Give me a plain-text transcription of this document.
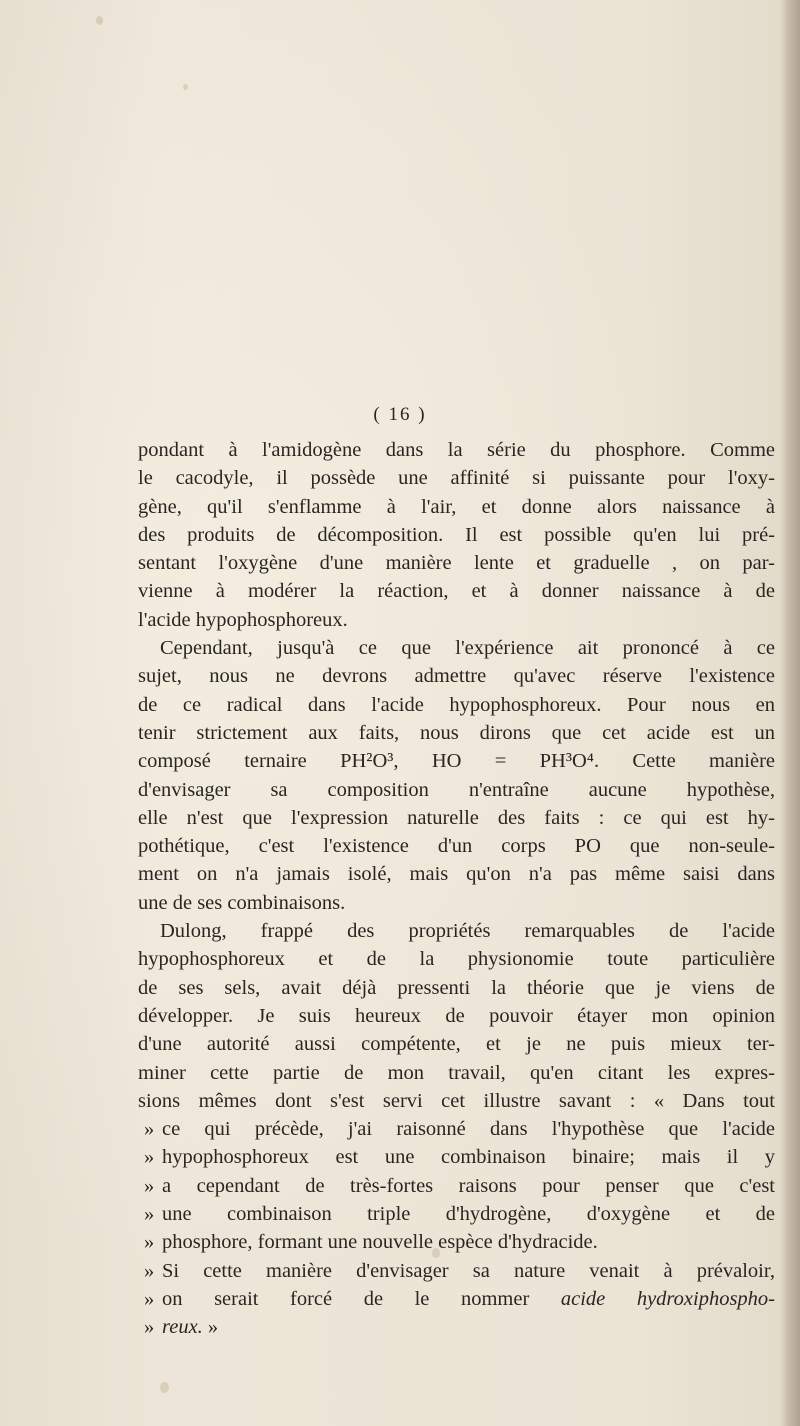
( 16 )
pondant à l'amidogène dans la série du phosphore. Comme
le cacodyle, il possède une affinité si puissante pour l'oxy-
gène, qu'il s'enflamme à l'air, et donne alors naissance à
des produits de décomposition. Il est possible qu'en lui pré-
sentant l'oxygène d'une manière lente et graduelle , on par-
vienne à modérer la réaction, et à donner naissance à de
l'acide hypophosphoreux.
Cependant, jusqu'à ce que l'expérience ait prononcé à ce
sujet, nous ne devrons admettre qu'avec réserve l'existence
de ce radical dans l'acide hypophosphoreux. Pour nous en
tenir strictement aux faits, nous dirons que cet acide est un
composé ternaire PH²O³, HO = PH³O⁴. Cette manière
d'envisager sa composition n'entraîne aucune hypothèse,
elle n'est que l'expression naturelle des faits : ce qui est hy-
pothétique, c'est l'existence d'un corps PO que non-seule-
ment on n'a jamais isolé, mais qu'on n'a pas même saisi dans
une de ses combinaisons.
Dulong, frappé des propriétés remarquables de l'acide
hypophosphoreux et de la physionomie toute particulière
de ses sels, avait déjà pressenti la théorie que je viens de
développer. Je suis heureux de pouvoir étayer mon opinion
d'une autorité aussi compétente, et je ne puis mieux ter-
miner cette partie de mon travail, qu'en citant les expres-
sions mêmes dont s'est servi cet illustre savant : « Dans tout
» ce qui précède, j'ai raisonné dans l'hypothèse que l'acide
» hypophosphoreux est une combinaison binaire; mais il y
» a cependant de très-fortes raisons pour penser que c'est
» une combinaison triple d'hydrogène, d'oxygène et de
» phosphore, formant une nouvelle espèce d'hydracide.
» Si cette manière d'envisager sa nature venait à prévaloir,
» on serait forcé de le nommer acide hydroxiphospho-
» reux. »
